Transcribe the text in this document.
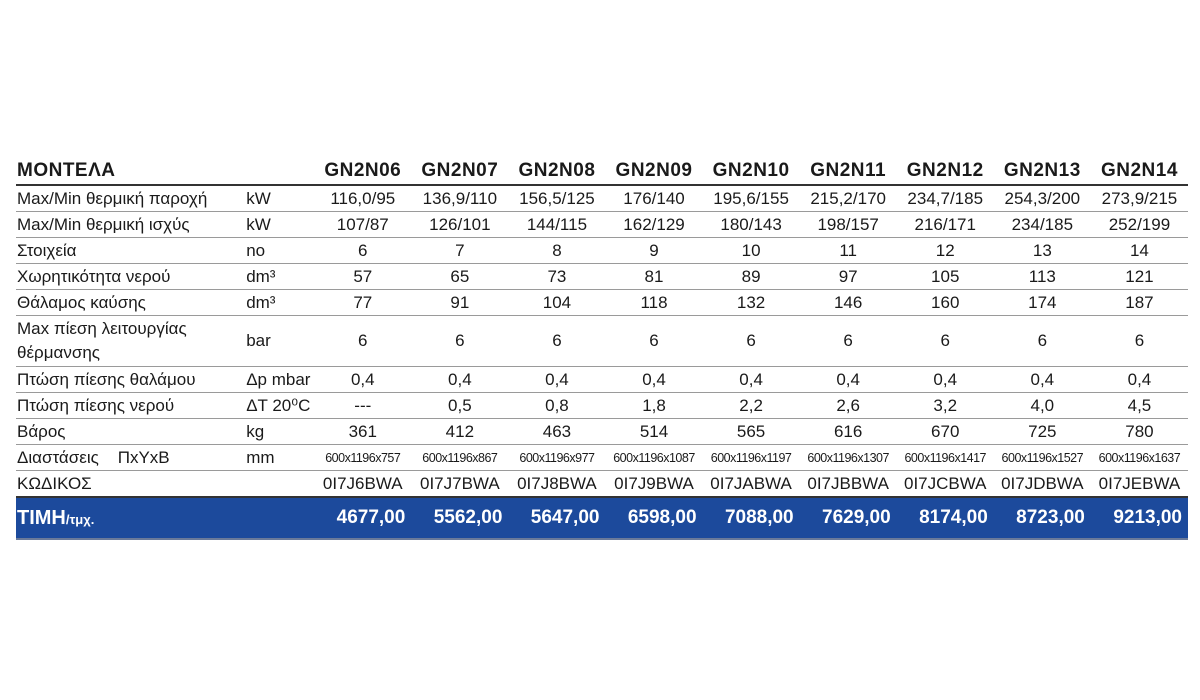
ΜΟΝΤΕΛΑ		GN2N06	GN2N07	GN2N08	GN2N09	GN2N10	GN2N11	GN2N12	GN2N13	GN2N14
Max/Min θερμική παροχή	kW	116,0/95	136,9/110	156,5/125	176/140	195,6/155	215,2/170	234,7/185	254,3/200	273,9/215
Max/Min θερμική ισχύς	kW	107/87	126/101	144/115	162/129	180/143	198/157	216/171	234/185	252/199
Στοιχεία	no	6	7	8	9	10	11	12	13	14
Χωρητικότητα νερού	dm³	57	65	73	81	89	97	105	113	121
Θάλαμος καύσης	dm³	77	91	104	118	132	146	160	174	187
Max πίεση λειτουργίας θέρμανσης	bar	6	6	6	6	6	6	6	6	6
Πτώση πίεσης θαλάμου	Δp mbar	0,4	0,4	0,4	0,4	0,4	0,4	0,4	0,4	0,4
Πτώση πίεσης νερού	ΔT 20⁰C	---	0,5	0,8	1,8	2,2	2,6	3,2	4,0	4,5
Βάρος	kg	361	412	463	514	565	616	670	725	780
Διαστάσεις    ΠxΥxΒ	mm	600x1196x757	600x1196x867	600x1196x977	600x1196x1087	600x1196x1197	600x1196x1307	600x1196x1417	600x1196x1527	600x1196x1637
ΚΩΔΙΚΟΣ		0I7J6BWA	0I7J7BWA	0I7J8BWA	0I7J9BWA	0I7JABWA	0I7JBBWA	0I7JCBWA	0I7JDBWA	0I7JEBWA
ΤΙΜΗ/τμχ.		4677,00	5562,00	5647,00	6598,00	7088,00	7629,00	8174,00	8723,00	9213,00
